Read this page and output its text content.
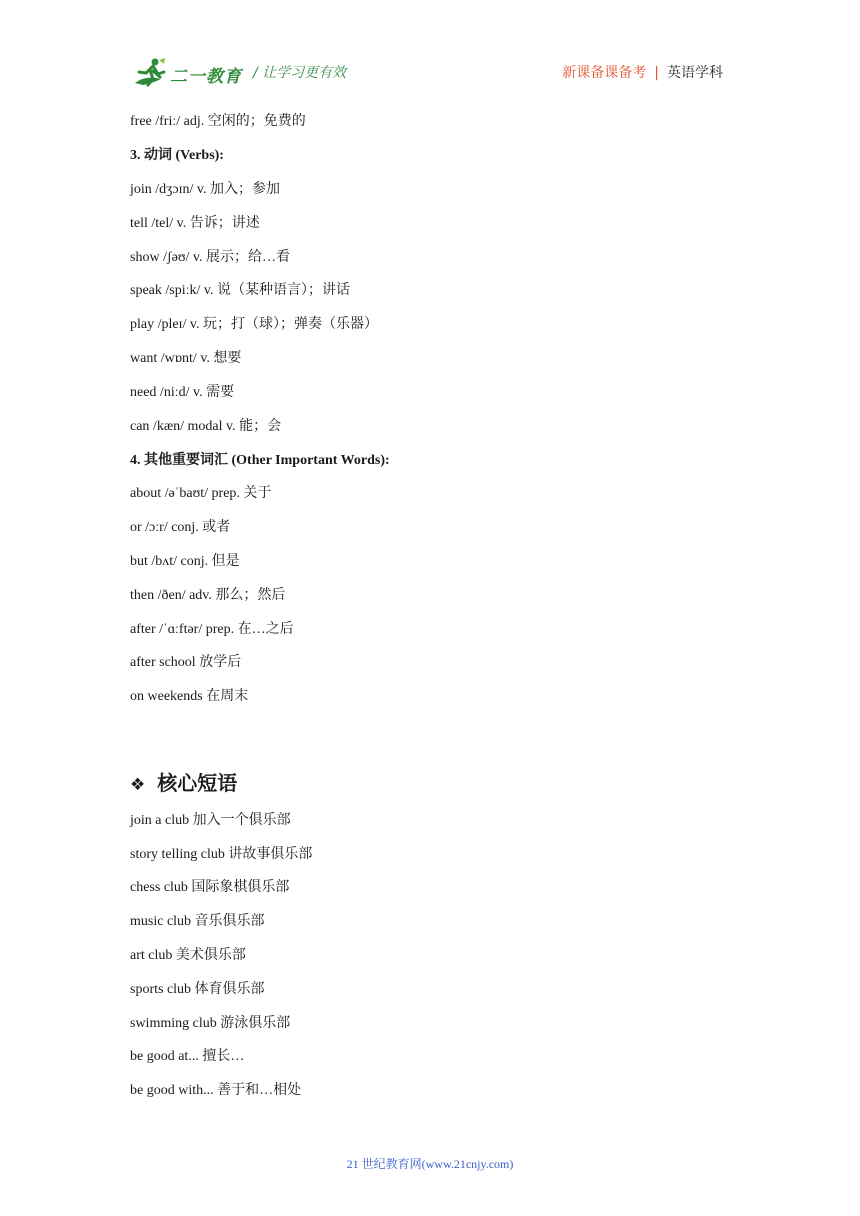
二一教育 / 让学习更有效	新课备课备考 | 英语学科
free /friː/ adj. 空闲的；免费的
3. 动词 (Verbs):
join /dʒɔɪn/ v. 加入；参加
tell /tel/ v. 告诉；讲述
show /ʃəʊ/ v. 展示；给…看
speak /spiːk/ v. 说（某种语言）；讲话
play /pleɪ/ v. 玩；打（球）；弹奏（乐器）
want /wɒnt/ v. 想要
need /niːd/ v. 需要
can /kæn/ modal v. 能；会
4. 其他重要词汇 (Other Important Words):
about /əˈbaʊt/ prep. 关于
or /ɔːr/ conj. 或者
but /bʌt/ conj. 但是
then /ðen/ adv. 那么；然后
after /ˈɑːftər/ prep. 在…之后
after school 放学后
on weekends 在周末
❖ 核心短语
join a club 加入一个俱乐部
story telling club 讲故事俱乐部
chess club 国际象棋俱乐部
music club 音乐俱乐部
art club 美术俱乐部
sports club 体育俱乐部
swimming club 游泳俱乐部
be good at... 擅长…
be good with... 善于和…相处
21 世纪教育网(www.21cnjy.com)
